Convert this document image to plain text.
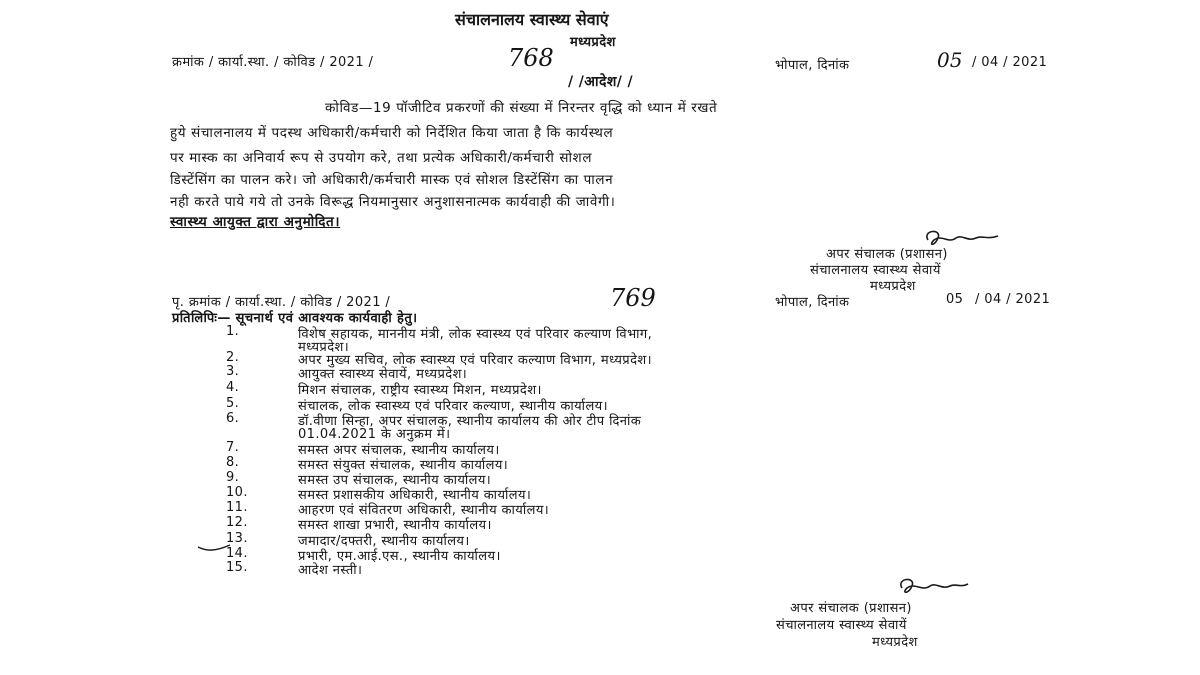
संचालनालय स्वास्थ्य सेवाएं
मध्यप्रदेश
क्रमांक / कार्या.स्था. / कोविड / 2021 /	768	भोपाल, दिनांक	05 / 04 / 2021
/ /आदेश/ /
कोविड—19 पॉजीटिव प्रकरणों की संख्या में निरन्तर वृद्धि को ध्यान में रखते
हुये संचालनालय में पदस्थ अधिकारी/कर्मचारी को निर्देशित किया जाता है कि कार्यस्थल
पर मास्क का अनिवार्य रूप से उपयोग करे, तथा प्रत्येक अधिकारी/कर्मचारी सोशल
डिस्टेंसिंग का पालन करे। जो अधिकारी/कर्मचारी मास्क एवं सोशल डिस्टेंसिंग का पालन
नही करते पाये गये तो उनके विरूद्ध नियमानुसार अनुशासनात्मक कार्यवाही की जावेगी।
स्वास्थ्य आयुक्त द्वारा अनुमोदित।
अपर संचालक (प्रशासन)
संचालनालय स्वास्थ्य सेवायें
मध्यप्रदेश
पृ. क्रमांक / कार्या.स्था. / कोविड / 2021 /	769	भोपाल, दिनांक	05 / 04 / 2021
प्रतिलिपिः— सूचनार्थ एवं आवश्यक कार्यवाही हेतु।
1.	विशेष सहायक, माननीय मंत्री, लोक स्वास्थ्य एवं परिवार कल्याण विभाग,
मध्यप्रदेश।
2.	अपर मुख्य सचिव, लोक स्वास्थ्य एवं परिवार कल्याण विभाग, मध्यप्रदेश।
3.	आयुक्त स्वास्थ्य सेवायें, मध्यप्रदेश।
4.	मिशन संचालक, राष्ट्रीय स्वास्थ्य मिशन, मध्यप्रदेश।
5.	संचालक, लोक स्वास्थ्य एवं परिवार कल्याण, स्थानीय कार्यालय।
6.	डॉ.वीणा सिन्हा, अपर संचालक, स्थानीय कार्यालय की ओर टीप दिनांक
01.04.2021 के अनुक्रम में।
7.	समस्त अपर संचालक, स्थानीय कार्यालय।
8.	समस्त संयुक्त संचालक, स्थानीय कार्यालय।
9.	समस्त उप संचालक, स्थानीय कार्यालय।
10.	समस्त प्रशासकीय अधिकारी, स्थानीय कार्यालय।
11.	आहरण एवं संवितरण अधिकारी, स्थानीय कार्यालय।
12.	समस्त शाखा प्रभारी, स्थानीय कार्यालय।
13.	जमादार/दफ्तरी, स्थानीय कार्यालय।
14.	प्रभारी, एम.आई.एस., स्थानीय कार्यालय।
15.	आदेश नस्ती।
अपर संचालक (प्रशासन)
संचालनालय स्वास्थ्य सेवायें
मध्यप्रदेश
